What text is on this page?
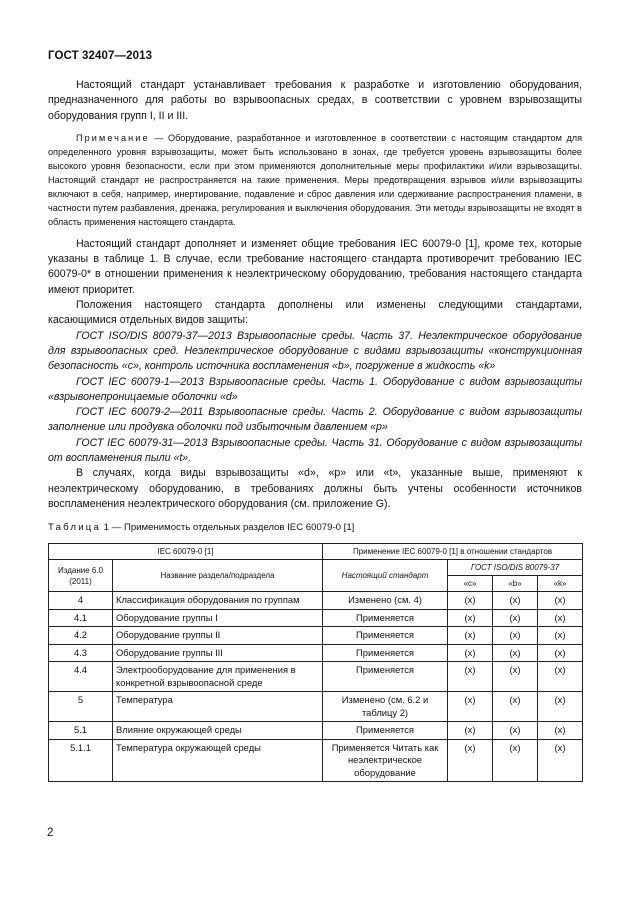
ГОСТ 32407—2013

Настоящий стандарт устанавливает требования к разработке и изготовлению оборудования, предназначенного для работы во взрывоопасных средах, в соответствии с уровнем взрывозащиты оборудования групп I, II и III.

Примечание — Оборудование, разработанное и изготовленное в соответствии с настоящим стандартом для определенного уровня взрывозащиты, может быть использовано в зонах, где требуется уровень взрывозащиты более высокого уровня безопасности, если при этом применяются дополнительные меры профилактики и/или взрывозащиты. Настоящий стандарт не распространяется на такие применения. Меры предотвращения взрывов и/или взрывозащиты включают в себя, например, инертирование, подавление и сброс давления или сдерживание распространения пламени, в частности путем разбавления, дренажа, регулирования и выключения оборудования. Эти методы взрывозащиты не входят в область применения настоящего стандарта.

Настоящий стандарт дополняет и изменяет общие требования IEC 60079-0 [1], кроме тех, которые указаны в таблице 1. В случае, если требование настоящего стандарта противоречит требованию IEC 60079-0* в отношении применения к неэлектрическому оборудованию, требования настоящего стандарта имеют приоритет.

Положения настоящего стандарта дополнены или изменены следующими стандартами, касающимися отдельных видов защиты:

ГОСТ ISO/DIS 80079-37—2013 Взрывоопасные среды. Часть 37. Неэлектрическое оборудование для взрывоопасных сред. Неэлектрическое оборудование с видами взрывозащиты «конструкционная безопасность «c», контроль источника воспламенения «b», погружение в жидкость «k»

ГОСТ IEC 60079-1—2013 Взрывоопасные среды. Часть 1. Оборудование с видом взрывозащиты «взрывонепроницаемые оболочки «d»

ГОСТ IEC 60079-2—2011 Взрывоопасные среды. Часть 2. Оборудование с видом взрывозащиты заполнение или продувка оболочки под избыточным давлением «p»

ГОСТ IEC 60079-31—2013 Взрывоопасные среды. Часть 31. Оборудование с видом взрывозащиты от воспламенения пыли «t».

В случаях, когда виды взрывозащиты «d», «p» или «t», указанные выше, применяют к неэлектрическому оборудованию, в требованиях должны быть учтены особенности источников воспламенения неэлектрического оборудования (см. приложение G).

Таблица 1 — Применимость отдельных разделов IEC 60079-0 [1]

IEC 60079-0 [1]		Применение IEC 60079-0 [1] в отношении стандартов			
Издание 6.0 (2011)	Название раздела/подраздела	Настоящий стандарт	ГОСТ ISO/DIS 80079-37		
			«c»	«b»	«k»
4	Классификация оборудования по группам	Изменено (см. 4)	(x)	(x)	(x)
4.1	Оборудование группы I	Применяется	(x)	(x)	(x)
4.2	Оборудование группы II	Применяется	(x)	(x)	(x)
4.3	Оборудование группы III	Применяется	(x)	(x)	(x)
4.4	Электрооборудование для применения в конкретной взрывоопасной среде	Применяется	(x)	(x)	(x)
5	Температура	Изменено (см. 6.2 и таблицу 2)	(x)	(x)	(x)
5.1	Влияние окружающей среды	Применяется	(x)	(x)	(x)
5.1.1	Температура окружающей среды	Применяется Читать как неэлектрическое оборудование	(x)	(x)	(x)
2
